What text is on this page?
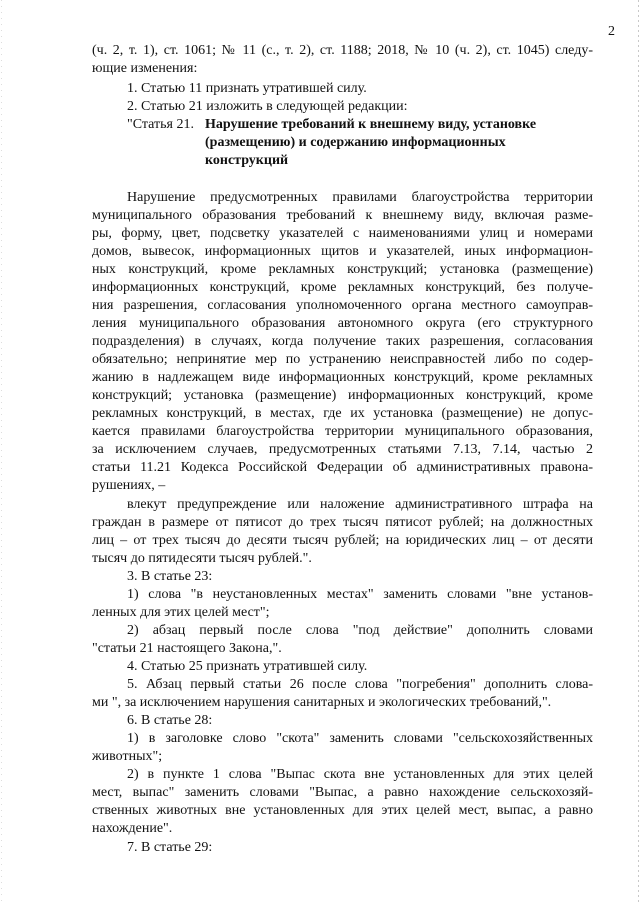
2
(ч. 2, т. 1), ст. 1061; № 11 (с., т. 2), ст. 1188; 2018, № 10 (ч. 2), ст. 1045) следу-
ющие изменения:
1. Статью 11 признать утратившей силу.
2. Статью 21 изложить в следующей редакции:
"Статья 21. Нарушение требований к внешнему виду, установке
(размещению) и содержанию информационных
конструкций
Нарушение предусмотренных правилами благоустройства территории
муниципального образования требований к внешнему виду, включая разме-
ры, форму, цвет, подсветку указателей с наименованиями улиц и номерами
домов, вывесок, информационных щитов и указателей, иных информацион-
ных конструкций, кроме рекламных конструкций; установка (размещение)
информационных конструкций, кроме рекламных конструкций, без получе-
ния разрешения, согласования уполномоченного органа местного самоуправ-
ления муниципального образования автономного округа (его структурного
подразделения) в случаях, когда получение таких разрешения, согласования
обязательно; непринятие мер по устранению неисправностей либо по содер-
жанию в надлежащем виде информационных конструкций, кроме рекламных
конструкций; установка (размещение) информационных конструкций, кроме
рекламных конструкций, в местах, где их установка (размещение) не допус-
кается правилами благоустройства территории муниципального образования,
за исключением случаев, предусмотренных статьями 7.13, 7.14, частью 2
статьи 11.21 Кодекса Российской Федерации об административных правона-
рушениях, –
влекут предупреждение или наложение административного штрафа на
граждан в размере от пятисот до трех тысяч пятисот рублей; на должностных
лиц – от трех тысяч до десяти тысяч рублей; на юридических лиц – от десяти
тысяч до пятидесяти тысяч рублей.".
3. В статье 23:
1) слова "в неустановленных местах" заменить словами "вне установ-
ленных для этих целей мест";
2) абзац первый после слова "под действие" дополнить словами
"статьи 21 настоящего Закона,".
4. Статью 25 признать утратившей силу.
5. Абзац первый статьи 26 после слова "погребения" дополнить слова-
ми ", за исключением нарушения санитарных и экологических требований,".
6. В статье 28:
1) в заголовке слово "скота" заменить словами "сельскохозяйственных
животных";
2) в пункте 1 слова "Выпас скота вне установленных для этих целей
мест, выпас" заменить словами "Выпас, а равно нахождение сельскохозяй-
ственных животных вне установленных для этих целей мест, выпас, а равно
нахождение".
7. В статье 29:
